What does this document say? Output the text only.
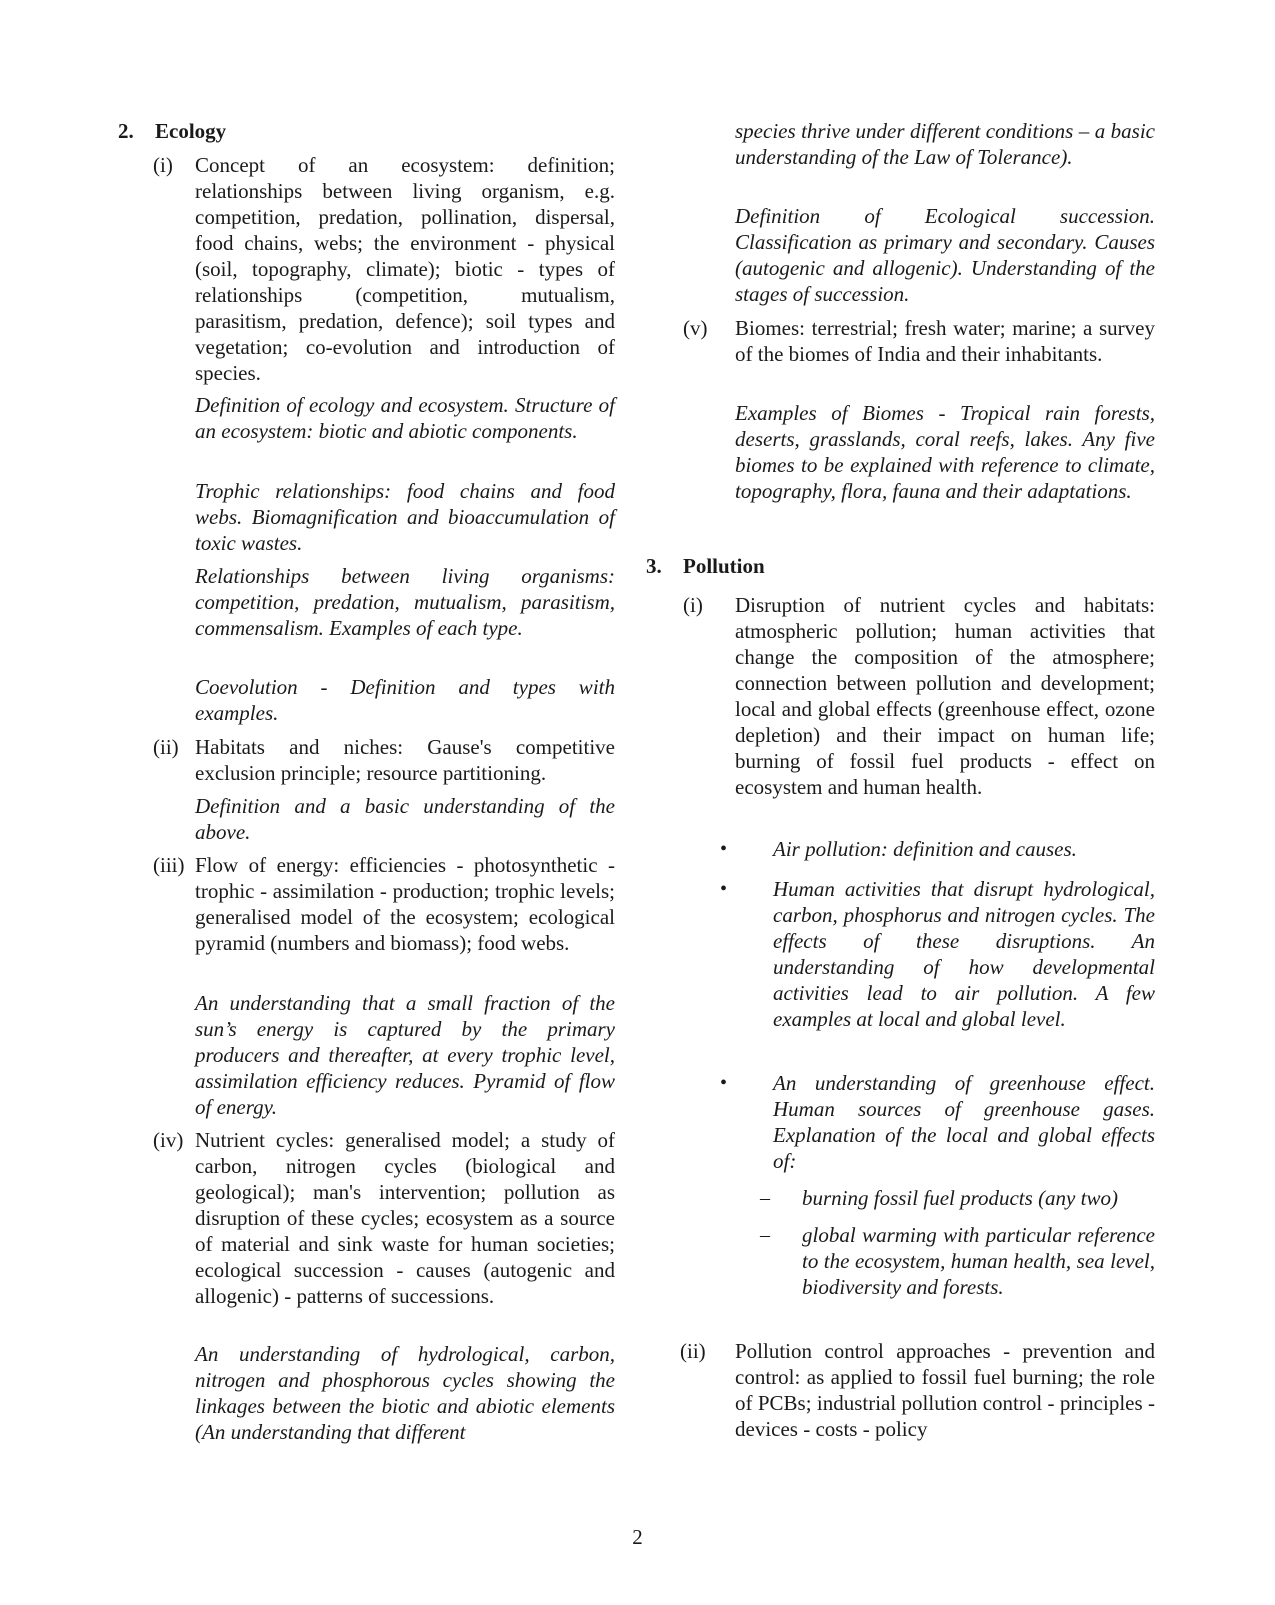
2. Ecology
(i) Concept of an ecosystem: definition; relationships between living organism, e.g. competition, predation, pollination, dispersal, food chains, webs; the environment - physical (soil, topography, climate); biotic - types of relationships (competition, mutualism, parasitism, predation, defence); soil types and vegetation; co-evolution and introduction of species.
Definition of ecology and ecosystem. Structure of an ecosystem: biotic and abiotic components.
Trophic relationships: food chains and food webs. Biomagnification and bioaccumulation of toxic wastes.
Relationships between living organisms: competition, predation, mutualism, parasitism, commensalism. Examples of each type.
Coevolution - Definition and types with examples.
(ii) Habitats and niches: Gause's competitive exclusion principle; resource partitioning.
Definition and a basic understanding of the above.
(iii) Flow of energy: efficiencies - photosynthetic - trophic - assimilation - production; trophic levels; generalised model of the ecosystem; ecological pyramid (numbers and biomass); food webs.
An understanding that a small fraction of the sun’s energy is captured by the primary producers and thereafter, at every trophic level, assimilation efficiency reduces. Pyramid of flow of energy.
(iv) Nutrient cycles: generalised model; a study of carbon, nitrogen cycles (biological and geological); man's intervention; pollution as disruption of these cycles; ecosystem as a source of material and sink waste for human societies; ecological succession - causes (autogenic and allogenic) - patterns of successions.
An understanding of hydrological, carbon, nitrogen and phosphorous cycles showing the linkages between the biotic and abiotic elements (An understanding that different
species thrive under different conditions – a basic understanding of the Law of Tolerance).
Definition of Ecological succession. Classification as primary and secondary. Causes (autogenic and allogenic). Understanding of the stages of succession.
(v) Biomes: terrestrial; fresh water; marine; a survey of the biomes of India and their inhabitants.
Examples of Biomes - Tropical rain forests, deserts, grasslands, coral reefs, lakes. Any five biomes to be explained with reference to climate, topography, flora, fauna and their adaptations.
3. Pollution
(i) Disruption of nutrient cycles and habitats: atmospheric pollution; human activities that change the composition of the atmosphere; connection between pollution and development; local and global effects (greenhouse effect, ozone depletion) and their impact on human life; burning of fossil fuel products - effect on ecosystem and human health.
• Air pollution: definition and causes.
• Human activities that disrupt hydrological, carbon, phosphorus and nitrogen cycles. The effects of these disruptions. An understanding of how developmental activities lead to air pollution. A few examples at local and global level.
• An understanding of greenhouse effect. Human sources of greenhouse gases. Explanation of the local and global effects of:
– burning fossil fuel products (any two)
– global warming with particular reference to the ecosystem, human health, sea level, biodiversity and forests.
(ii) Pollution control approaches - prevention and control: as applied to fossil fuel burning; the role of PCBs; industrial pollution control - principles - devices - costs - policy
2
